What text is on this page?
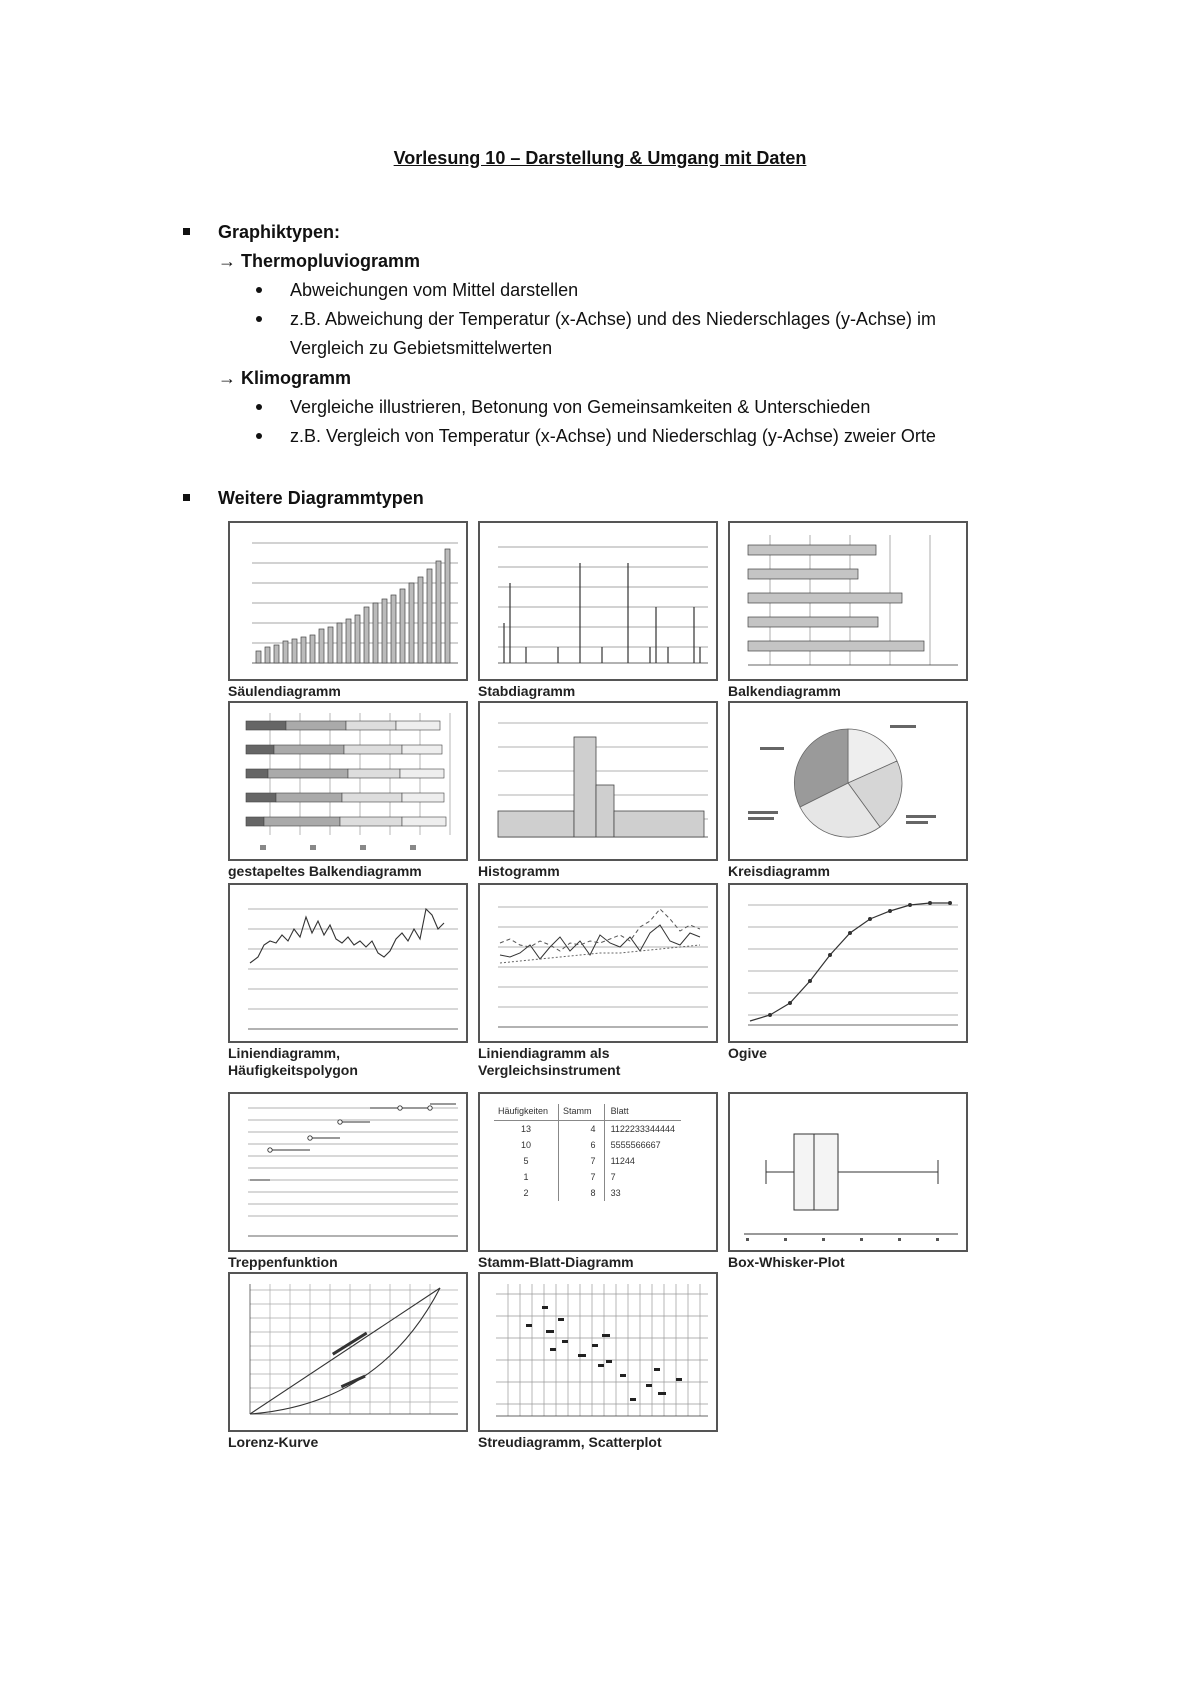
Vorlesung 10 – Darstellung & Umgang mit Daten
Graphiktypen:
→ Thermopluviogramm
Abweichungen vom Mittel darstellen
z.B. Abweichung der Temperatur (x-Achse) und des Niederschlages (y-Achse) im
Vergleich zu Gebietsmittelwerten
→ Klimogramm
Vergleiche illustrieren, Betonung von Gemeinsamkeiten & Unterschieden
z.B. Vergleich von Temperatur (x-Achse) und Niederschlag (y-Achse) zweier Orte
Weitere Diagrammtypen
Säulendiagramm	Stabdiagramm	Balkendiagramm
gestapeltes Balkendiagramm	Histogramm	Kreisdiagramm
Liniendiagramm,
Häufigkeitspolygon
Liniendiagramm als
Vergleichsinstrument
Ogive
Treppenfunktion
Häufigkeiten	Stamm	Blatt
13	4	1122233344444
10	6	5555566667
5	7	11244
1	7	7
2	8	33
Stamm-Blatt-Diagramm	Box-Whisker-Plot
Lorenz-Kurve	Streudiagramm, Scatterplot
